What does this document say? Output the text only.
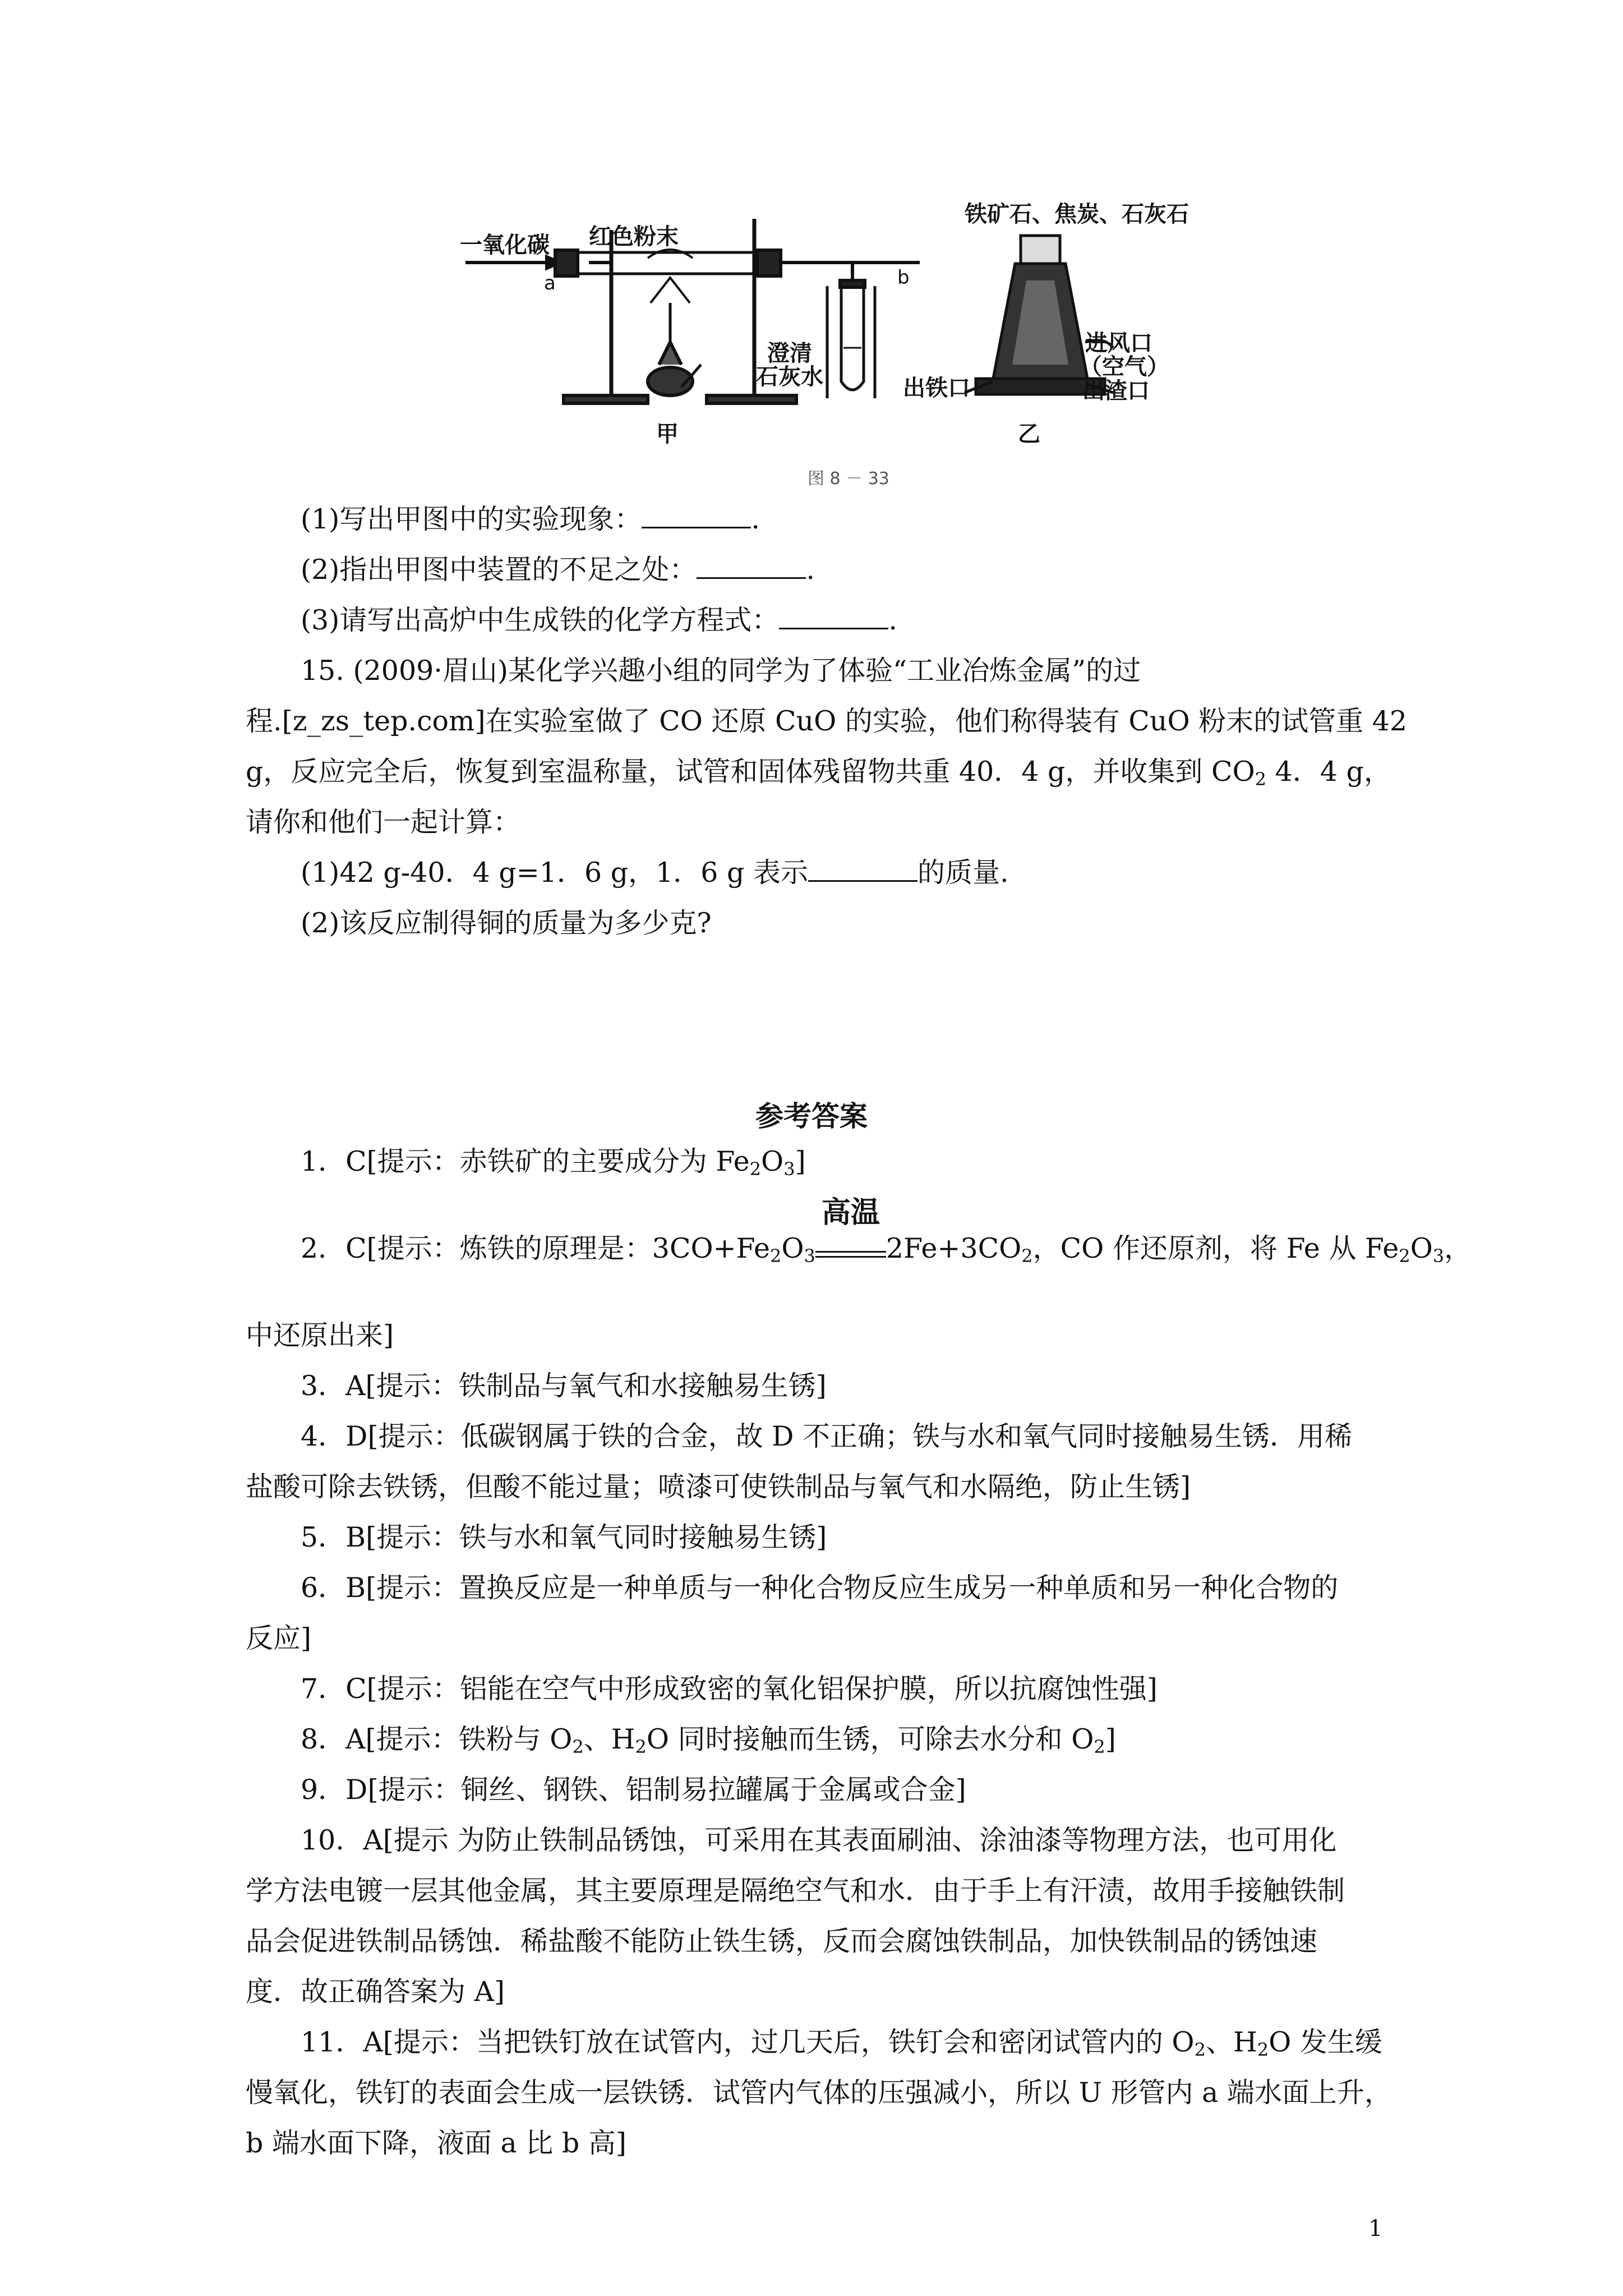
一氧化碳
a
红色粉末
b
澄清
石灰水
甲
铁矿石、焦炭、石灰石
进风口
（空气）
出铁口	出渣口
乙
图 8 － 33
(1)写出甲图中的实验现象：	.
(2)指出甲图中装置的不足之处：	.
(3)请写出高炉中生成铁的化学方程式：	.
15. (2009·眉山)某化学兴趣小组的同学为了体验“工业冶炼金属”的过
程.[z_zs_tep.com]在实验室做了 CO 还原 CuO 的实验，他们称得装有 CuO 粉末的试管重 42
g，反应完全后，恢复到室温称量，试管和固体残留物共重 40．4 g，并收集到 $CO_2$ 4．4 g，
请你和他们一起计算：
(1)42 g-40．4 g=1．6 g，1．6 g 表示	的质量.
(2)该反应制得铜的质量为多少克?
参考答案
1．C[提示：赤铁矿的主要成分为 $Fe_2O_3$]
2．C[提示：炼铁的原理是：$3CO+Fe_2O_3$
高温
$2Fe+3CO_2$，CO 作还原剂，将 Fe 从 $Fe_2O_3$，
中还原出来]
3．A[提示：铁制品与氧气和水接触易生锈]
4．D[提示：低碳钢属于铁的合金，故 D 不正确；铁与水和氧气同时接触易生锈．用稀
盐酸可除去铁锈，但酸不能过量；喷漆可使铁制品与氧气和水隔绝，防止生锈]
5．B[提示：铁与水和氧气同时接触易生锈]
6．B[提示：置换反应是一种单质与一种化合物反应生成另一种单质和另一种化合物的
反应]
7．C[提示：铝能在空气中形成致密的氧化铝保护膜，所以抗腐蚀性强]
8．A[提示：铁粉与 $O_2$、$H_2O$ 同时接触而生锈，可除去水分和 $O_2$]
9．D[提示：铜丝、钢铁、铝制易拉罐属于金属或合金]
10．A[提示 为防止铁制品锈蚀，可采用在其表面刷油、涂油漆等物理方法，也可用化
学方法电镀一层其他金属，其主要原理是隔绝空气和水．由于手上有汗渍，故用手接触铁制
品会促进铁制品锈蚀．稀盐酸不能防止铁生锈，反而会腐蚀铁制品，加快铁制品的锈蚀速
度．故正确答案为 A]
11．A[提示：当把铁钉放在试管内，过几天后，铁钉会和密闭试管内的 $O_2$、$H_2O$ 发生缓
慢氧化，铁钉的表面会生成一层铁锈．试管内气体的压强减小，所以 U 形管内 a 端水面上升，
b 端水面下降，液面 a 比 b 高]
1
